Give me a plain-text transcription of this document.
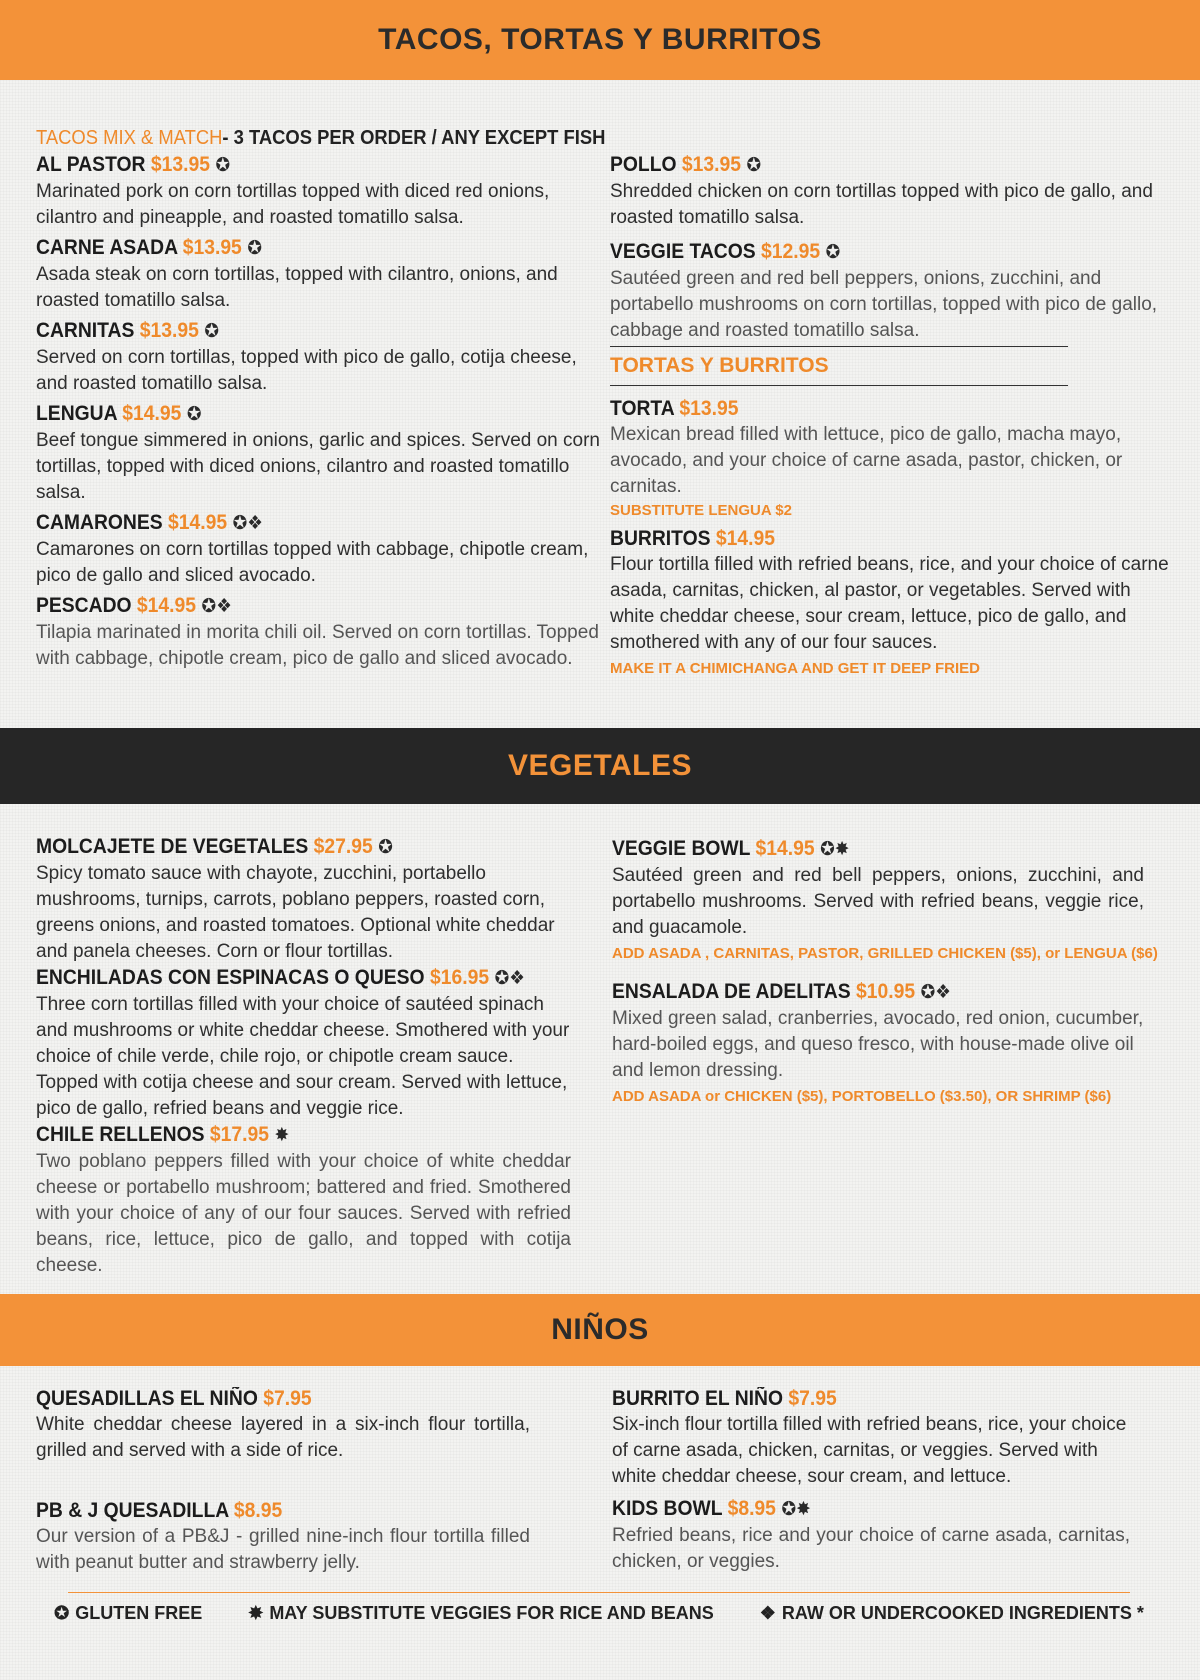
TACOS, TORTAS Y BURRITOS
TACOS MIX & MATCH- 3 TACOS PER ORDER / ANY EXCEPT FISH
AL PASTOR $13.95 ✪
Marinated pork on corn tortillas topped with diced red onions, cilantro and pineapple, and roasted tomatillo salsa.
CARNE ASADA $13.95 ✪
Asada steak on corn tortillas, topped with cilantro, onions, and roasted tomatillo salsa.
CARNITAS $13.95 ✪
Served on corn tortillas, topped with pico de gallo, cotija cheese, and roasted tomatillo salsa.
LENGUA $14.95 ✪
Beef tongue simmered in onions, garlic and spices. Served on corn tortillas, topped with diced onions, cilantro and roasted tomatillo salsa.
CAMARONES $14.95 ✪❖
Camarones on corn tortillas topped with cabbage, chipotle cream, pico de gallo and sliced avocado.
PESCADO $14.95 ✪❖
Tilapia marinated in morita chili oil. Served on corn tortillas. Topped with cabbage, chipotle cream, pico de gallo and sliced avocado.
POLLO $13.95 ✪
Shredded chicken on corn tortillas topped with pico de gallo, and roasted tomatillo salsa.
VEGGIE TACOS $12.95 ✪
Sautéed green and red bell peppers, onions, zucchini, and portabello mushrooms on corn tortillas, topped with pico de gallo, cabbage and roasted tomatillo salsa.
TORTAS Y BURRITOS
TORTA $13.95
Mexican bread filled with lettuce, pico de gallo, macha mayo, avocado, and your choice of carne asada, pastor, chicken, or carnitas.
SUBSTITUTE LENGUA $2
BURRITOS $14.95
Flour tortilla filled with refried beans, rice, and your choice of carne asada, carnitas, chicken, al pastor, or vegetables. Served with white cheddar cheese, sour cream, lettuce, pico de gallo, and smothered with any of our four sauces.
MAKE IT A CHIMICHANGA AND GET IT DEEP FRIED
VEGETALES
MOLCAJETE DE VEGETALES $27.95 ✪
Spicy tomato sauce with chayote, zucchini, portabello mushrooms, turnips, carrots, poblano peppers, roasted corn, greens onions, and roasted tomatoes. Optional white cheddar and panela cheeses. Corn or flour tortillas.
ENCHILADAS CON ESPINACAS O QUESO $16.95 ✪❖
Three corn tortillas filled with your choice of sautéed spinach and mushrooms or white cheddar cheese. Smothered with your choice of chile verde, chile rojo, or chipotle cream sauce. Topped with cotija cheese and sour cream. Served with lettuce, pico de gallo, refried beans and veggie rice.
CHILE RELLENOS $17.95 ✸
Two poblano peppers filled with your choice of white cheddar cheese or portabello mushroom; battered and fried. Smothered with your choice of any of our four sauces. Served with refried beans, rice, lettuce, pico de gallo, and topped with cotija cheese.
VEGGIE BOWL $14.95 ✪✸
Sautéed green and red bell peppers, onions, zucchini, and portabello mushrooms. Served with refried beans, veggie rice, and guacamole.
ADD ASADA , CARNITAS, PASTOR, GRILLED CHICKEN ($5), or LENGUA ($6)
ENSALADA DE ADELITAS $10.95 ✪❖
Mixed green salad, cranberries, avocado, red onion, cucumber, hard-boiled eggs, and queso fresco, with house-made olive oil and lemon dressing.
ADD ASADA or CHICKEN ($5), PORTOBELLO ($3.50), OR SHRIMP ($6)
NIÑOS
QUESADILLAS EL NIÑO $7.95
White cheddar cheese layered in a six-inch flour tortilla, grilled and served with a side of rice.
PB & J QUESADILLA $8.95
Our version of a PB&J - grilled nine-inch flour tortilla filled with peanut butter and strawberry jelly.
BURRITO EL NIÑO $7.95
Six-inch flour tortilla filled with refried beans, rice, your choice of carne asada, chicken, carnitas, or veggies. Served with white cheddar cheese, sour cream, and lettuce.
KIDS BOWL $8.95 ✪✸
Refried beans, rice and your choice of carne asada, carnitas, chicken, or veggies.
✪ GLUTEN FREE	✸ MAY SUBSTITUTE VEGGIES FOR RICE AND BEANS	❖ RAW OR UNDERCOOKED INGREDIENTS *
